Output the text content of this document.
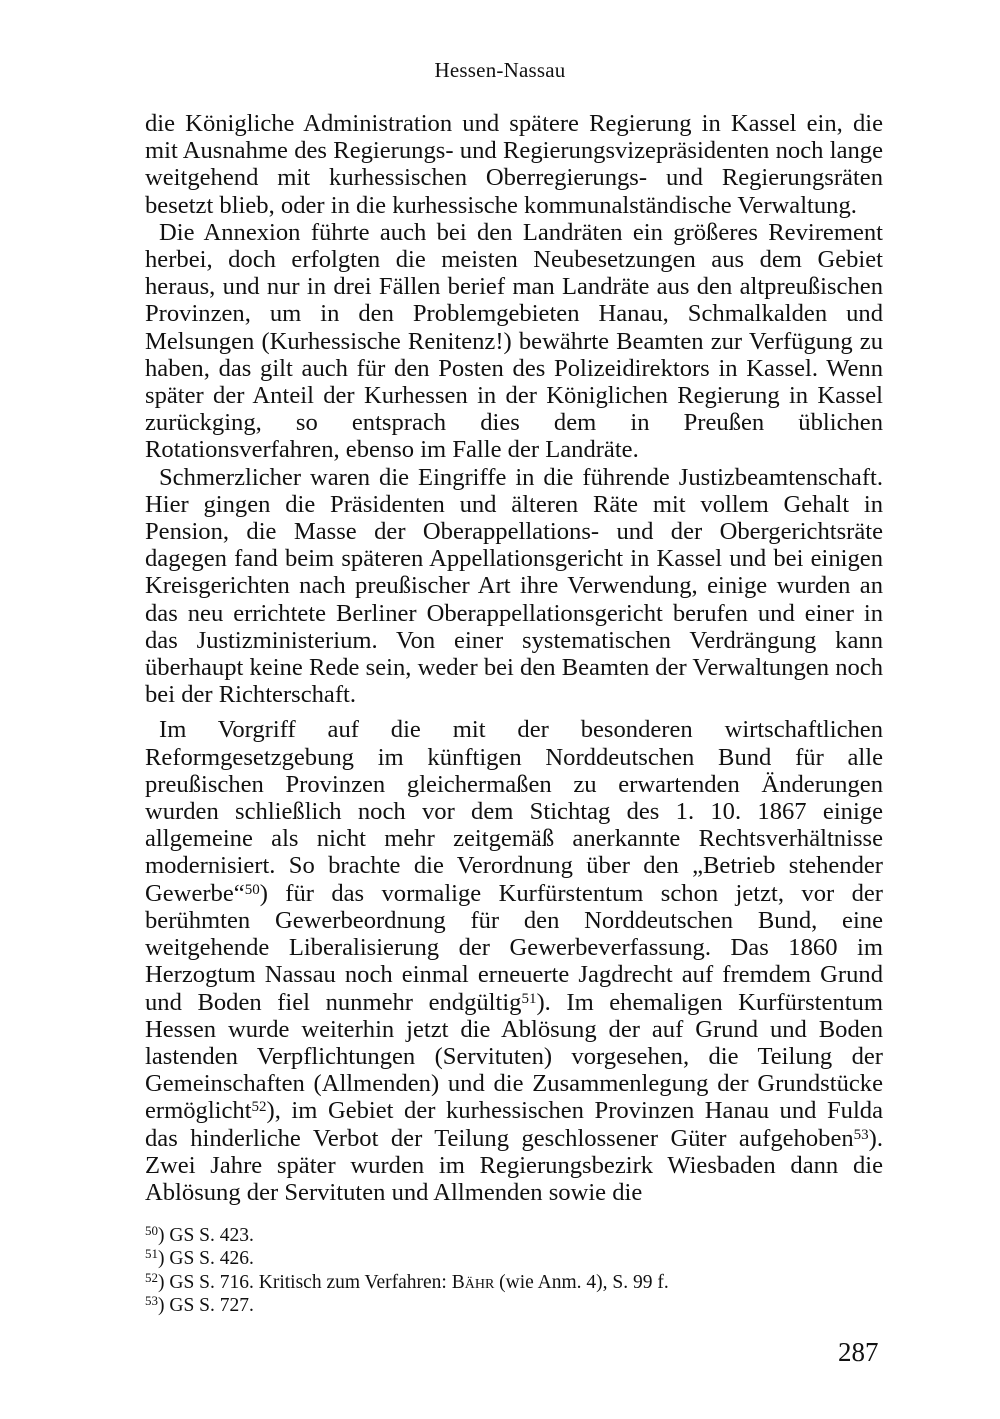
Hessen-Nassau

die Königliche Administration und spätere Regierung in Kassel ein, die mit Ausnahme des Regierungs- und Regierungsvizepräsidenten noch lange weitgehend mit kurhessischen Oberregierungs- und Regierungsräten besetzt blieb, oder in die kurhessische kommunalständische Verwaltung.

Die Annexion führte auch bei den Landräten ein größeres Revirement herbei, doch erfolgten die meisten Neubesetzungen aus dem Gebiet heraus, und nur in drei Fällen berief man Landräte aus den altpreußischen Provinzen, um in den Problemgebieten Hanau, Schmalkalden und Melsungen (Kurhessische Renitenz!) bewährte Beamten zur Verfügung zu haben, das gilt auch für den Posten des Polizeidirektors in Kassel. Wenn später der Anteil der Kurhessen in der Königlichen Regierung in Kassel zurückging, so entsprach dies dem in Preußen üblichen Rotationsverfahren, ebenso im Falle der Landräte.

Schmerzlicher waren die Eingriffe in die führende Justizbeamtenschaft. Hier gingen die Präsidenten und älteren Räte mit vollem Gehalt in Pension, die Masse der Oberappellations- und der Obergerichtsräte dagegen fand beim späteren Appellationsgericht in Kassel und bei einigen Kreisgerichten nach preußischer Art ihre Verwendung, einige wurden an das neu errichtete Berliner Oberappellationsgericht berufen und einer in das Justizministerium. Von einer systematischen Verdrängung kann überhaupt keine Rede sein, weder bei den Beamten der Verwaltungen noch bei der Richterschaft.

Im Vorgriff auf die mit der besonderen wirtschaftlichen Reformgesetzgebung im künftigen Norddeutschen Bund für alle preußischen Provinzen gleichermaßen zu erwartenden Änderungen wurden schließlich noch vor dem Stichtag des 1. 10. 1867 einige allgemeine als nicht mehr zeitgemäß anerkannte Rechtsverhältnisse modernisiert. So brachte die Verordnung über den „Betrieb stehender Gewerbe“$^{50}$) für das vormalige Kurfürstentum schon jetzt, vor der berühmten Gewerbeordnung für den Norddeutschen Bund, eine weitgehende Liberalisierung der Gewerbeverfassung. Das 1860 im Herzogtum Nassau noch einmal erneuerte Jagdrecht auf fremdem Grund und Boden fiel nunmehr endgültig$^{51}$). Im ehemaligen Kurfürstentum Hessen wurde weiterhin jetzt die Ablösung der auf Grund und Boden lastenden Verpflichtungen (Servituten) vorgesehen, die Teilung der Gemeinschaften (Allmenden) und die Zusammenlegung der Grundstücke ermöglicht$^{52}$), im Gebiet der kurhessischen Provinzen Hanau und Fulda das hinderliche Verbot der Teilung geschlossener Güter aufgehoben$^{53}$). Zwei Jahre später wurden im Regierungsbezirk Wiesbaden dann die Ablösung der Servituten und Allmenden sowie die

$^{50}$) GS S. 423.
$^{51}$) GS S. 426.
$^{52}$) GS S. 716. Kritisch zum Verfahren: Bähr (wie Anm. 4), S. 99 f.
$^{53}$) GS S. 727.
287
